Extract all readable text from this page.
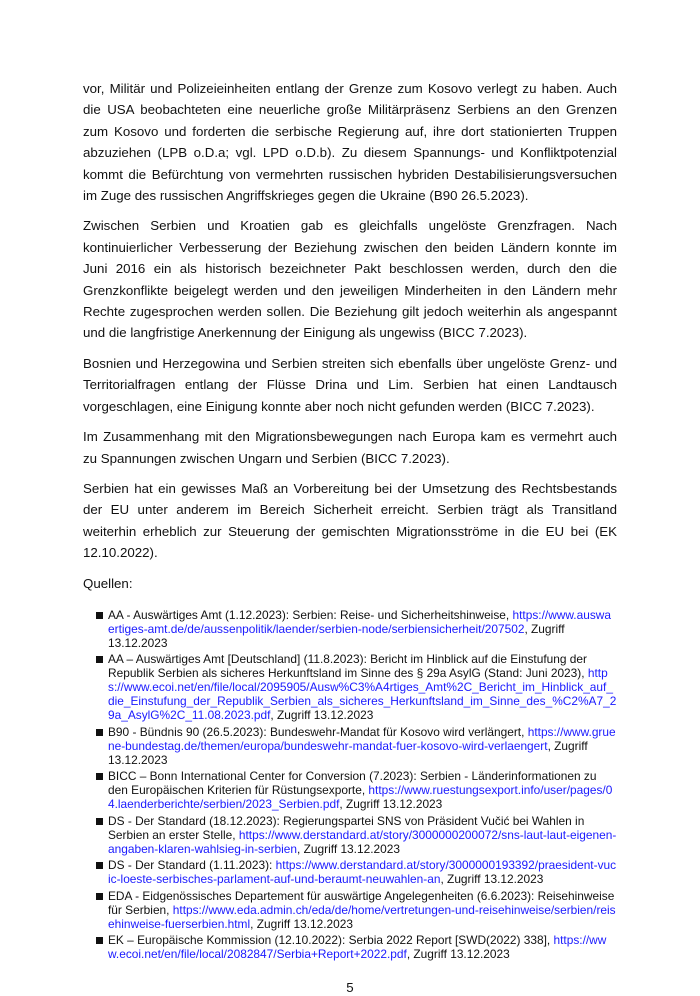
vor, Militär und Polizeieinheiten entlang der Grenze zum Kosovo verlegt zu haben. Auch die USA beobachteten eine neuerliche große Militärpräsenz Serbiens an den Grenzen zum Kosovo und forderten die serbische Regierung auf, ihre dort stationierten Truppen abzuziehen (LPB o.D.a; vgl. LPD o.D.b). Zu diesem Spannungs- und Konfliktpotenzial kommt die Befürchtung von vermehrten russischen hybriden Destabilisierungsversuchen im Zuge des russischen Angriffskrieges gegen die Ukraine (B90 26.5.2023).

Zwischen Serbien und Kroatien gab es gleichfalls ungelöste Grenzfragen. Nach kontinuierlicher Verbesserung der Beziehung zwischen den beiden Ländern konnte im Juni 2016 ein als historisch bezeichneter Pakt beschlossen werden, durch den die Grenzkonflikte beigelegt werden und den jeweiligen Minderheiten in den Ländern mehr Rechte zugesprochen werden sollen. Die Beziehung gilt jedoch weiterhin als angespannt und die langfristige Anerkennung der Einigung als ungewiss (BICC 7.2023).

Bosnien und Herzegowina und Serbien streiten sich ebenfalls über ungelöste Grenz- und Territorialfragen entlang der Flüsse Drina und Lim. Serbien hat einen Landtausch vorgeschlagen, eine Einigung konnte aber noch nicht gefunden werden (BICC 7.2023).

Im Zusammenhang mit den Migrationsbewegungen nach Europa kam es vermehrt auch zu Spannungen zwischen Ungarn und Serbien (BICC 7.2023).

Serbien hat ein gewisses Maß an Vorbereitung bei der Umsetzung des Rechtsbestands der EU unter anderem im Bereich Sicherheit erreicht. Serbien trägt als Transitland weiterhin erheblich zur Steuerung der gemischten Migrationsströme in die EU bei (EK 12.10.2022).

Quellen:
AA - Auswärtiges Amt (1.12.2023): Serbien: Reise- und Sicherheitshinweise, https://www.auswaertiges-amt.de/de/aussenpolitik/laender/serbien-node/serbiensicherheit/207502, Zugriff 13.12.2023
AA – Auswärtiges Amt [Deutschland] (11.8.2023): Bericht im Hinblick auf die Einstufung der Republik Serbien als sicheres Herkunftsland im Sinne des § 29a AsylG (Stand: Juni 2023), https://www.ecoi.net/en/file/local/2095905/Ausw%C3%A4rtiges_Amt%2C_Bericht_im_Hinblick_auf_die_Einstufung_der_Republik_Serbien_als_sicheres_Herkunftsland_im_Sinne_des_%C2%A7_29a_AsylG%2C_11.08.2023.pdf, Zugriff 13.12.2023
B90 - Bündnis 90 (26.5.2023): Bundeswehr-Mandat für Kosovo wird verlängert, https://www.gruene-bundestag.de/themen/europa/bundeswehr-mandat-fuer-kosovo-wird-verlaengert, Zugriff 13.12.2023
BICC – Bonn International Center for Conversion (7.2023): Serbien - Länderinformationen zu den Europäischen Kriterien für Rüstungsexporte, https://www.ruestungsexport.info/user/pages/04.laenderberichte/serbien/2023_Serbien.pdf, Zugriff 13.12.2023
DS - Der Standard (18.12.2023): Regierungspartei SNS von Präsident Vučić bei Wahlen in Serbien an erster Stelle, https://www.derstandard.at/story/3000000200072/sns-laut-laut-eigenen-angaben-klaren-wahlsieg-in-serbien, Zugriff 13.12.2023
DS - Der Standard (1.11.2023): https://www.derstandard.at/story/3000000193392/praesident-vucic-loeste-serbisches-parlament-auf-und-beraumt-neuwahlen-an, Zugriff 13.12.2023
EDA - Eidgenössisches Departement für auswärtige Angelegenheiten (6.6.2023): Reisehinweise für Serbien, https://www.eda.admin.ch/eda/de/home/vertretungen-und-reisehinweise/serbien/reisehinweise-fuerserbien.html, Zugriff 13.12.2023
EK – Europäische Kommission (12.10.2022): Serbia 2022 Report [SWD(2022) 338], https://www.ecoi.net/en/file/local/2082847/Serbia+Report+2022.pdf, Zugriff 13.12.2023
5
